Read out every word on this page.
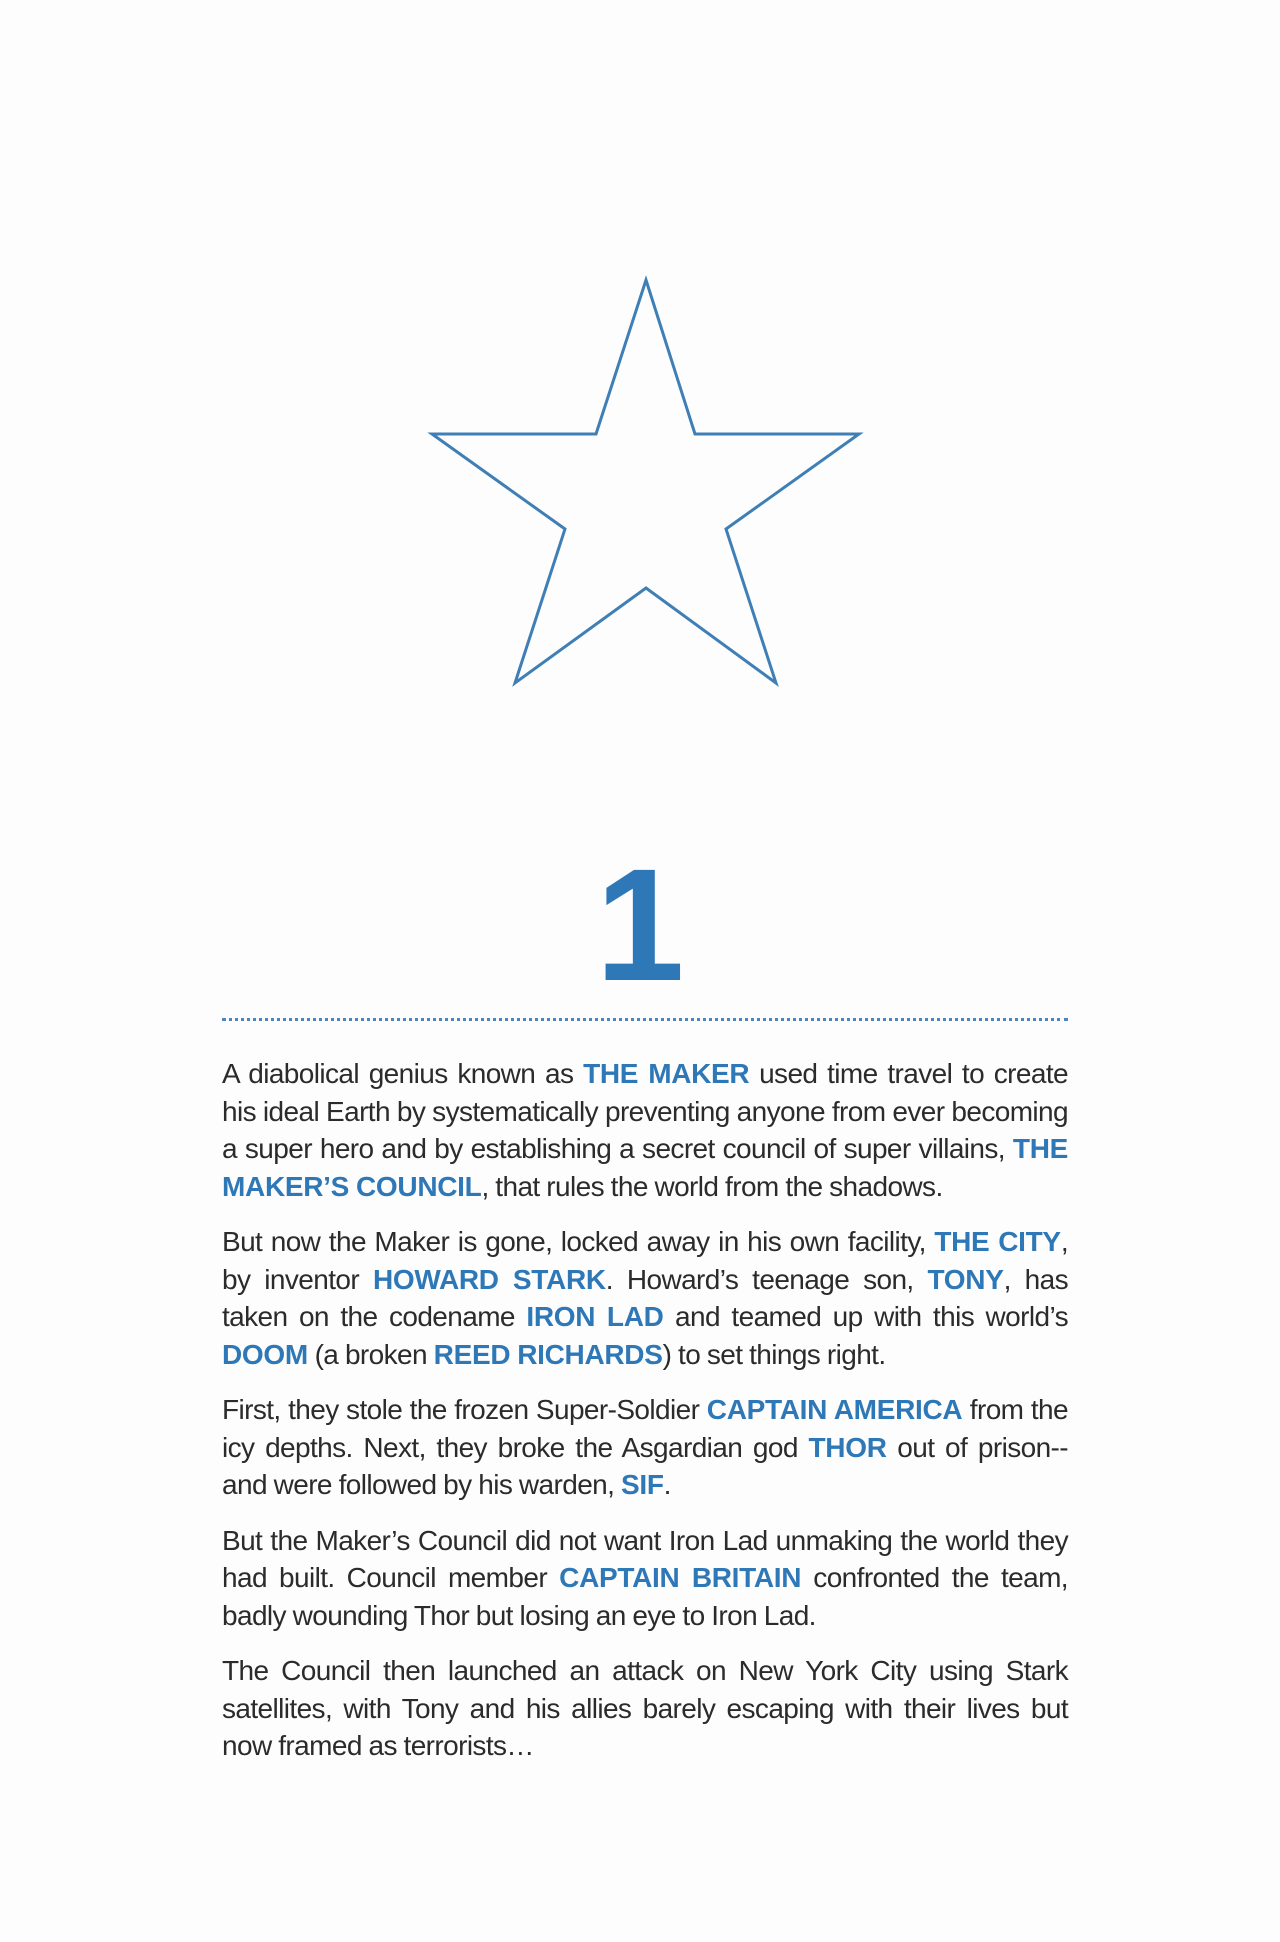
1

A diabolical genius known as THE MAKER used time travel to create his ideal Earth by systematically preventing anyone from ever becoming a super hero and by establishing a secret council of super villains, THE MAKER’S COUNCIL, that rules the world from the shadows.

But now the Maker is gone, locked away in his own facility, THE CITY, by inventor HOWARD STARK. Howard’s teenage son, TONY, has taken on the codename IRON LAD and teamed up with this world’s DOOM (a broken REED RICHARDS) to set things right.

First, they stole the frozen Super-Soldier CAPTAIN AMERICA from the icy depths. Next, they broke the Asgardian god THOR out of prison--and were followed by his warden, SIF.

But the Maker’s Council did not want Iron Lad unmaking the world they had built. Council member CAPTAIN BRITAIN confronted the team, badly wounding Thor but losing an eye to Iron Lad.

The Council then launched an attack on New York City using Stark satellites, with Tony and his allies barely escaping with their lives but now framed as terrorists…
